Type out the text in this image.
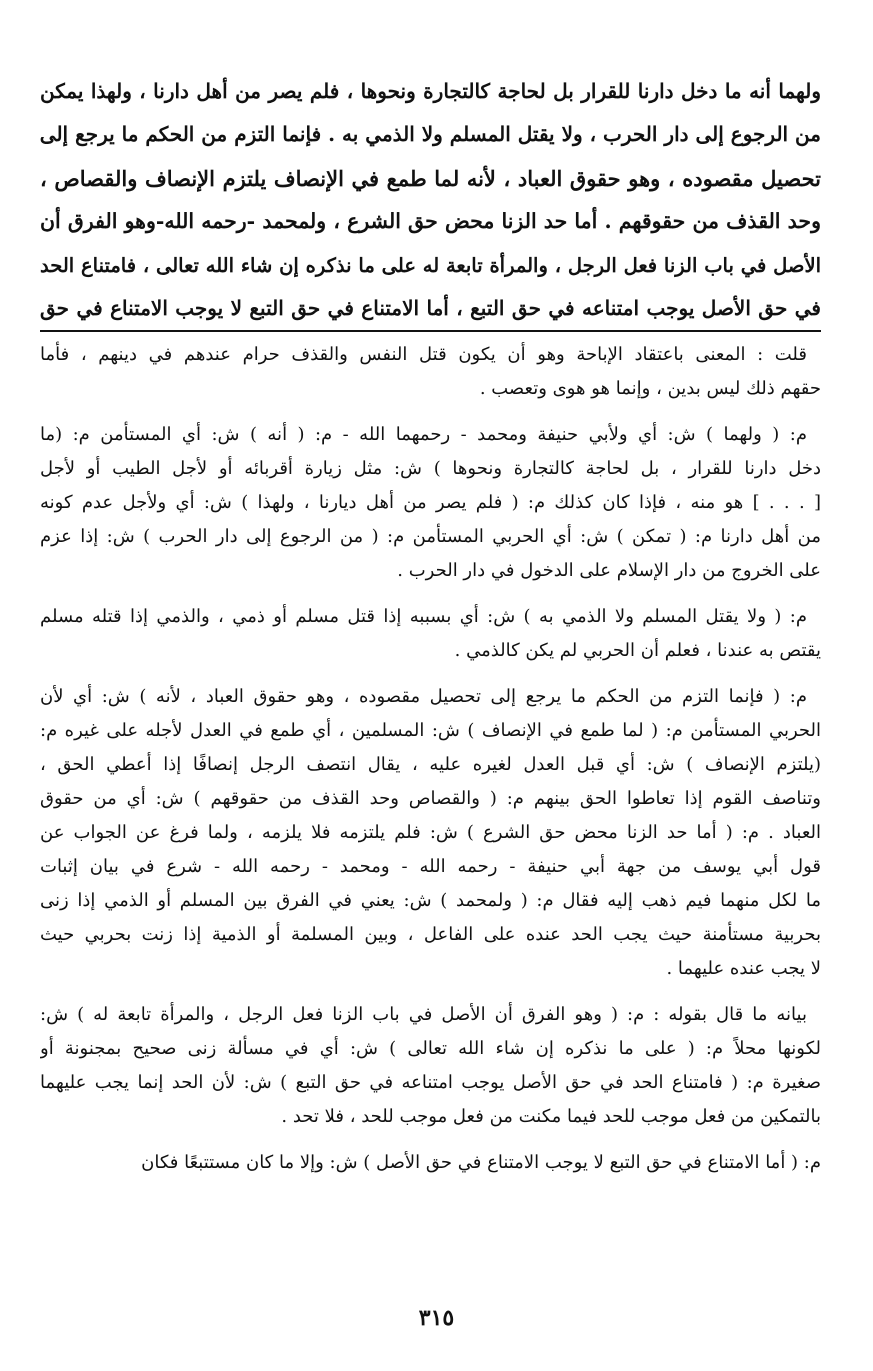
ولهما أنه ما دخل دارنا للقرار بل لحاجة كالتجارة ونحوها ، فلم يصر من أهل دارنا ، ولهذا يمكن
من الرجوع إلى دار الحرب ، ولا يقتل المسلم ولا الذمي به . فإنما التزم من الحكم ما يرجع إلى
تحصيل مقصوده ، وهو حقوق العباد ، لأنه لما طمع في الإنصاف يلتزم الإنصاف والقصاص ،
وحد القذف من حقوقهم . أما حد الزنا محض حق الشرع ، ولمحمد -رحمه الله-وهو الفرق أن
الأصل في باب الزنا فعل الرجل ، والمرأة تابعة له على ما نذكره إن شاء الله تعالى ، فامتناع الحد
في حق الأصل يوجب امتناعه في حق التبع ، أما الامتناع في حق التبع لا يوجب الامتناع في حق
قلت : المعنى باعتقاد الإباحة وهو أن يكون قتل النفس والقذف حرام عندهم في دينهم ، فأما
حقهم ذلك ليس بدين ، وإنما هو هوى وتعصب .
م: ( ولهما ) ش: أي ولأبي حنيفة ومحمد - رحمهما الله - م: ( أنه ) ش: أي المستأمن م: (ما
دخل دارنا للقرار ، بل لحاجة كالتجارة ونحوها ) ش: مثل زيارة أقربائه أو لأجل الطيب أو لأجل
[ . . . ] هو منه ، فإذا كان كذلك م: ( فلم يصر من أهل ديارنا ، ولهذا ) ش: أي ولأجل عدم كونه
من أهل دارنا م: ( تمكن ) ش: أي الحربي المستأمن م: ( من الرجوع إلى دار الحرب ) ش: إذا عزم
على الخروج من دار الإسلام على الدخول في دار الحرب .
م: ( ولا يقتل المسلم ولا الذمي به ) ش: أي بسببه إذا قتل مسلم أو ذمي ، والذمي إذا قتله مسلم
يقتص به عندنا ، فعلم أن الحربي لم يكن كالذمي .
م: ( فإنما التزم من الحكم ما يرجع إلى تحصيل مقصوده ، وهو حقوق العباد ، لأنه ) ش: أي لأن
الحربي المستأمن م: ( لما طمع في الإنصاف ) ش: المسلمين ، أي طمع في العدل لأجله على غيره م:
(يلتزم الإنصاف ) ش: أي قبل العدل لغيره عليه ، يقال انتصف الرجل إنصافًا إذا أعطي الحق ،
وتناصف القوم إذا تعاطوا الحق بينهم م: ( والقصاص وحد القذف من حقوقهم ) ش: أي من حقوق
العباد . م: ( أما حد الزنا محض حق الشرع ) ش: فلم يلتزمه فلا يلزمه ، ولما فرغ عن الجواب عن
قول أبي يوسف من جهة أبي حنيفة - رحمه الله - ومحمد - رحمه الله - شرع في بيان إثبات
ما لكل منهما فيم ذهب إليه فقال م: ( ولمحمد ) ش: يعني في الفرق بين المسلم أو الذمي إذا زنى
بحربية مستأمنة حيث يجب الحد عنده على الفاعل ، وبين المسلمة أو الذمية إذا زنت بحربي حيث
لا يجب عنده عليهما .
بيانه ما قال بقوله : م: ( وهو الفرق أن الأصل في باب الزنا فعل الرجل ، والمرأة تابعة له ) ش:
لكونها محلاً م: ( على ما نذكره إن شاء الله تعالى ) ش: أي في مسألة زنى صحيح بمجنونة أو
صغيرة م: ( فامتناع الحد في حق الأصل يوجب امتناعه في حق التبع ) ش: لأن الحد إنما يجب عليهما
بالتمكين من فعل موجب للحد فيما مكنت من فعل موجب للحد ، فلا تحد .
م: ( أما الامتناع في حق التبع لا يوجب الامتناع في حق الأصل ) ش: وإلا ما كان مستتبعًا فكان
٣١٥
